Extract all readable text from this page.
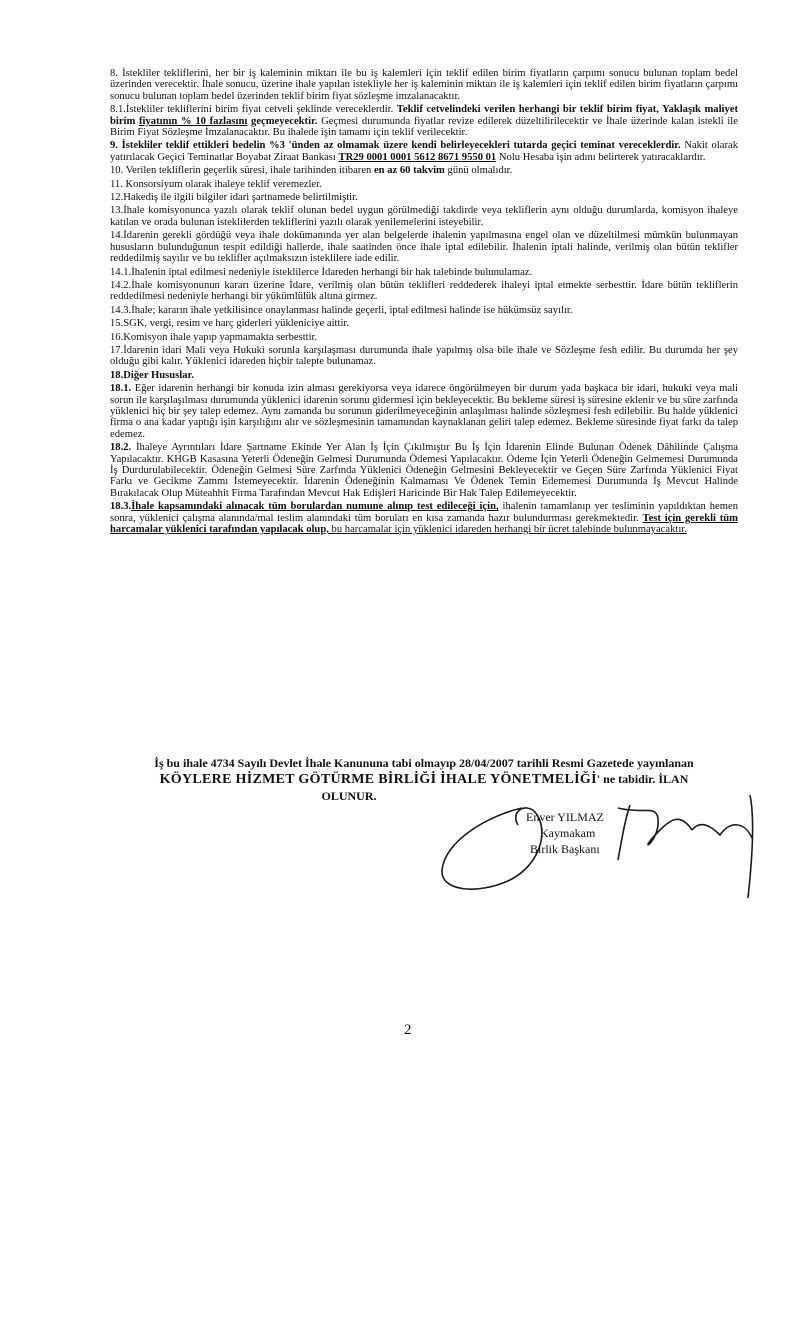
8. İstekliler tekliflerini, her bir iş kaleminin miktarı ile bu iş kalemleri için teklif edilen birim fiyatların çarpımı sonucu bulunan toplam bedel üzerinden verecektir. İhale sonucu, üzerine ihale yapılan istekliyle her iş kaleminin miktarı ile iş kalemleri için teklif edilen birim fiyatların çarpımı sonucu bulunan toplam bedel üzerinden teklif birim fiyat sözleşme imzalanacaktır.

8.1.İstekliler tekliflerini birim fiyat cetveli şeklinde vereceklerdir. Teklif cetvelindeki verilen herhangi bir teklif birim fiyat, Yaklaşık maliyet birim fiyatının % 10 fazlasını geçmeyecektir. Geçmesi durumunda fiyatlar revize edilerek düzeltilirilecektir ve İhale üzerinde kalan istekli ile Birim Fiyat Sözleşme İmzalanacaktır. Bu ihalede işin tamamı için teklif verilecektir.

9. İstekliler teklif ettikleri bedelin %3 'ünden az olmamak üzere kendi belirleyecekleri tutarda geçici teminat vereceklerdir. Nakit olarak yatırılacak Geçici Teminatlar Boyabat Ziraat Bankası TR29 0001 0001 5612 8671 9550 01 Nolu Hesaba işin adını belirterek yatıracaklardır.

10. Verilen tekliflerin geçerlik süresi, ihale tarihinden itibaren en az 60 takvim günü olmalıdır.

11. Konsorsiyum olarak ihaleye teklif veremezler.

12.Hakediş ile ilgili bilgiler idari şartnamede belirtilmiştir.

13.İhale komisyonunca yazılı olarak teklif olunan bedel uygun görülmediği takdirde veya tekliflerin aynı olduğu durumlarda, komisyon ihaleye katılan ve orada bulunan isteklilerden tekliflerini yazılı olarak yenilemelerini isteyebilir.

14.İdarenin gerekli gördüğü veya ihale dokümanında yer alan belgelerde ihalenin yapılmasına engel olan ve düzeltilmesi mümkün bulunmayan hususların bulunduğunun tespit edildiği hallerde, ihale saatinden önce ihale iptal edilebilir. İhalenin iptali halinde, verilmiş olan bütün teklifler reddedilmiş sayılır ve bu teklifler açılmaksızın isteklilere iade edilir.

14.1.İhalenin iptal edilmesi nedeniyle isteklilerce İdareden herhangi bir hak talebinde bulunulamaz.

14.2.İhale komisyonunun kararı üzerine İdare, verilmiş olan bütün teklifleri reddederek ihaleyi iptal etmekte serbesttir. İdare bütün tekliflerin reddedilmesi nedeniyle herhangi bir yükümlülük altına girmez.

14.3.İhale; kararın ihale yetkilisince onaylanması halinde geçerli, iptal edilmesi halinde ise hükümsüz sayılır.

15.SGK, vergi, resim ve harç giderleri yükleniciye aittir.

16.Komisyon ihale yapıp yapmamakta serbesttir.

17.İdarenin idari Mali veya Hukuki sorunla karşılaşması durumunda ihale yapılmış olsa bile ihale ve Sözleşme fesh edilir. Bu durumda her şey olduğu gibi kalır. Yüklenici idareden hiçbir talepte bulunamaz.

18.Diğer Hususlar.

18.1. Eğer idarenin herhangi bir konuda izin alması gerekiyorsa veya idarece öngörülmeyen bir durum yada başkaca bir idari, hukuki veya mali sorun ile karşılaşılması durumunda yüklenici idarenin sorunu gidermesi için bekleyecektir. Bu bekleme süresi iş süresine eklenir ve bu süre zarfında yüklenici hiç bir şey talep edemez. Aynı zamanda bu sorunun giderilmeyeceğinin anlaşılması halinde sözleşmesi fesh edilebilir. Bu halde yüklenici firma o ana kadar yaptığı işin karşılığını alır ve sözleşmesinin tamamından kaynaklanan geliri talep edemez. Bekleme süresinde fiyat farkı da talep edemez.

18.2. İhaleye Ayrıntıları İdare Şartname Ekinde Yer Alan İş İçin Çıkılmıştır Bu İş İçin İdarenin Elinde Bulunan Ödenek Dâhilinde Çalışma Yapılacaktır. KHGB Kasasına Yeterli Ödeneğin Gelmesi Durumunda Ödemesi Yapılacaktır. Ödeme İçin Yeterli Ödeneğin Gelmemesi Durumunda İş Durdurulabilecektir. Ödeneğin Gelmesi Süre Zarfında Yüklenici Ödeneğin Gelmesini Bekleyecektir ve Geçen Süre Zarfında Yüklenici Fiyat Farkı ve Gecikme Zammı İstemeyecektir. İdarenin Ödeneğinin Kalmaması Ve Ödenek Temin Edememesi Durumunda İş Mevcut Halinde Bırakılacak Olup Müteahhit Firma Tarafından Mevcut Hak Edişleri Haricinde Bir Hak Talep Edilemeyecektir.

18.3.İhale kapsamındaki alınacak tüm borulardan numune alınıp test edileceği için, ihalenin tamamlanıp yer tesliminin yapıldıktan hemen sonra, yüklenici çalışma alanında/mal teslim alanındaki tüm boruları en kısa zamanda hazır bulundurması gerekmektedir. Test için gerekli tüm harcamalar yüklenici tarafından yapılacak olup, bu harcamalar için yüklenici idareden herhangi bir ücret talebinde bulunmayacaktır.

İş bu ihale 4734 Sayılı Devlet İhale Kanununa tabi olmayıp 28/04/2007 tarihli Resmi Gazetede yayınlanan
KÖYLERE HİZMET GÖTÜRME BİRLİĞİ İHALE YÖNETMELİĞİ' ne tabidir. İLAN
OLUNUR.
Enver YILMAZ
Kaymakam
Birlik Başkanı
2
